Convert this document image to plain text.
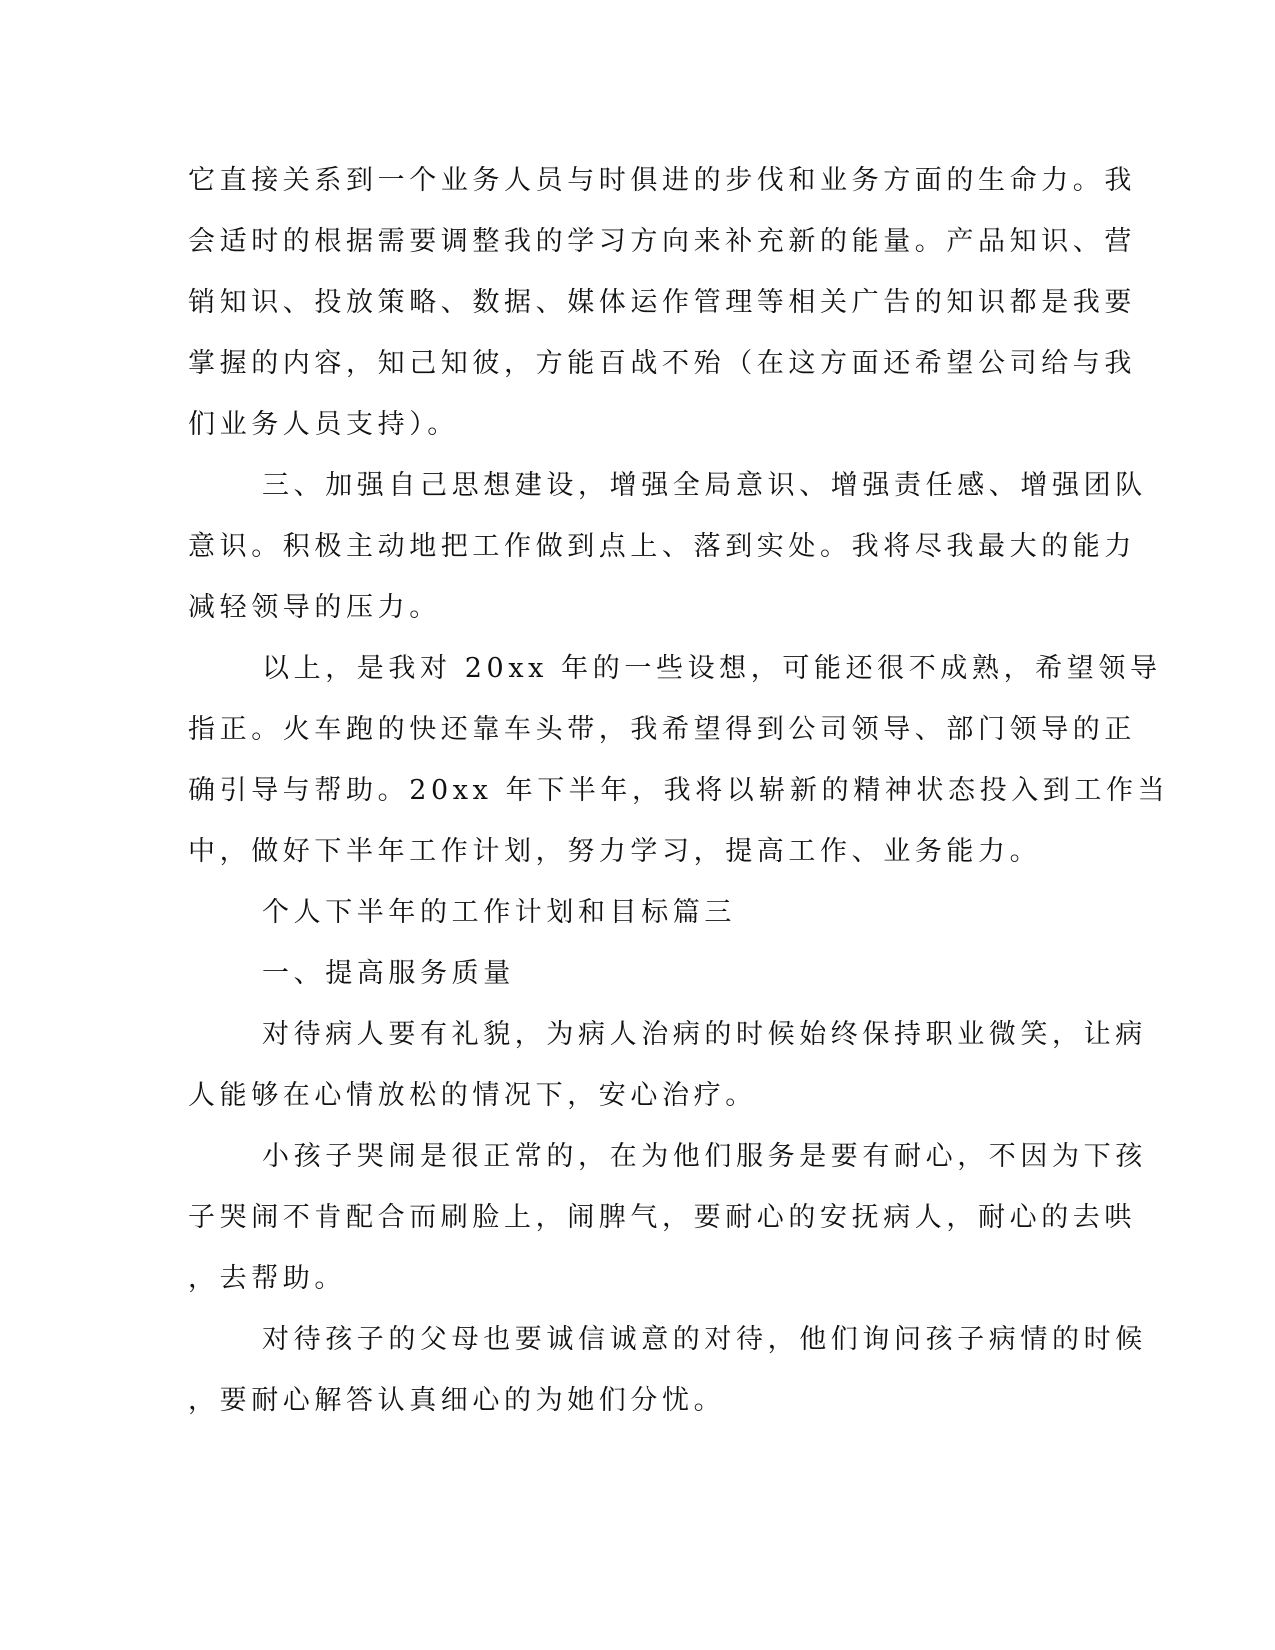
它直接关系到一个业务人员与时俱进的步伐和业务方面的生命力。我
会适时的根据需要调整我的学习方向来补充新的能量。产品知识、营
销知识、投放策略、数据、媒体运作管理等相关广告的知识都是我要
掌握的内容，知己知彼，方能百战不殆（在这方面还希望公司给与我
们业务人员支持）。
三、加强自己思想建设，增强全局意识、增强责任感、增强团队
意识。积极主动地把工作做到点上、落到实处。我将尽我最大的能力
减轻领导的压力。
以上，是我对 20xx 年的一些设想，可能还很不成熟，希望领导
指正。火车跑的快还靠车头带，我希望得到公司领导、部门领导的正
确引导与帮助。20xx 年下半年，我将以崭新的精神状态投入到工作当
中，做好下半年工作计划，努力学习，提高工作、业务能力。
个人下半年的工作计划和目标篇三
一、提高服务质量
对待病人要有礼貌，为病人治病的时候始终保持职业微笑，让病
人能够在心情放松的情况下，安心治疗。
小孩子哭闹是很正常的，在为他们服务是要有耐心，不因为下孩
子哭闹不肯配合而刷脸上，闹脾气，要耐心的安抚病人，耐心的去哄
，去帮助。
对待孩子的父母也要诚信诚意的对待，他们询问孩子病情的时候
，要耐心解答认真细心的为她们分忧。
